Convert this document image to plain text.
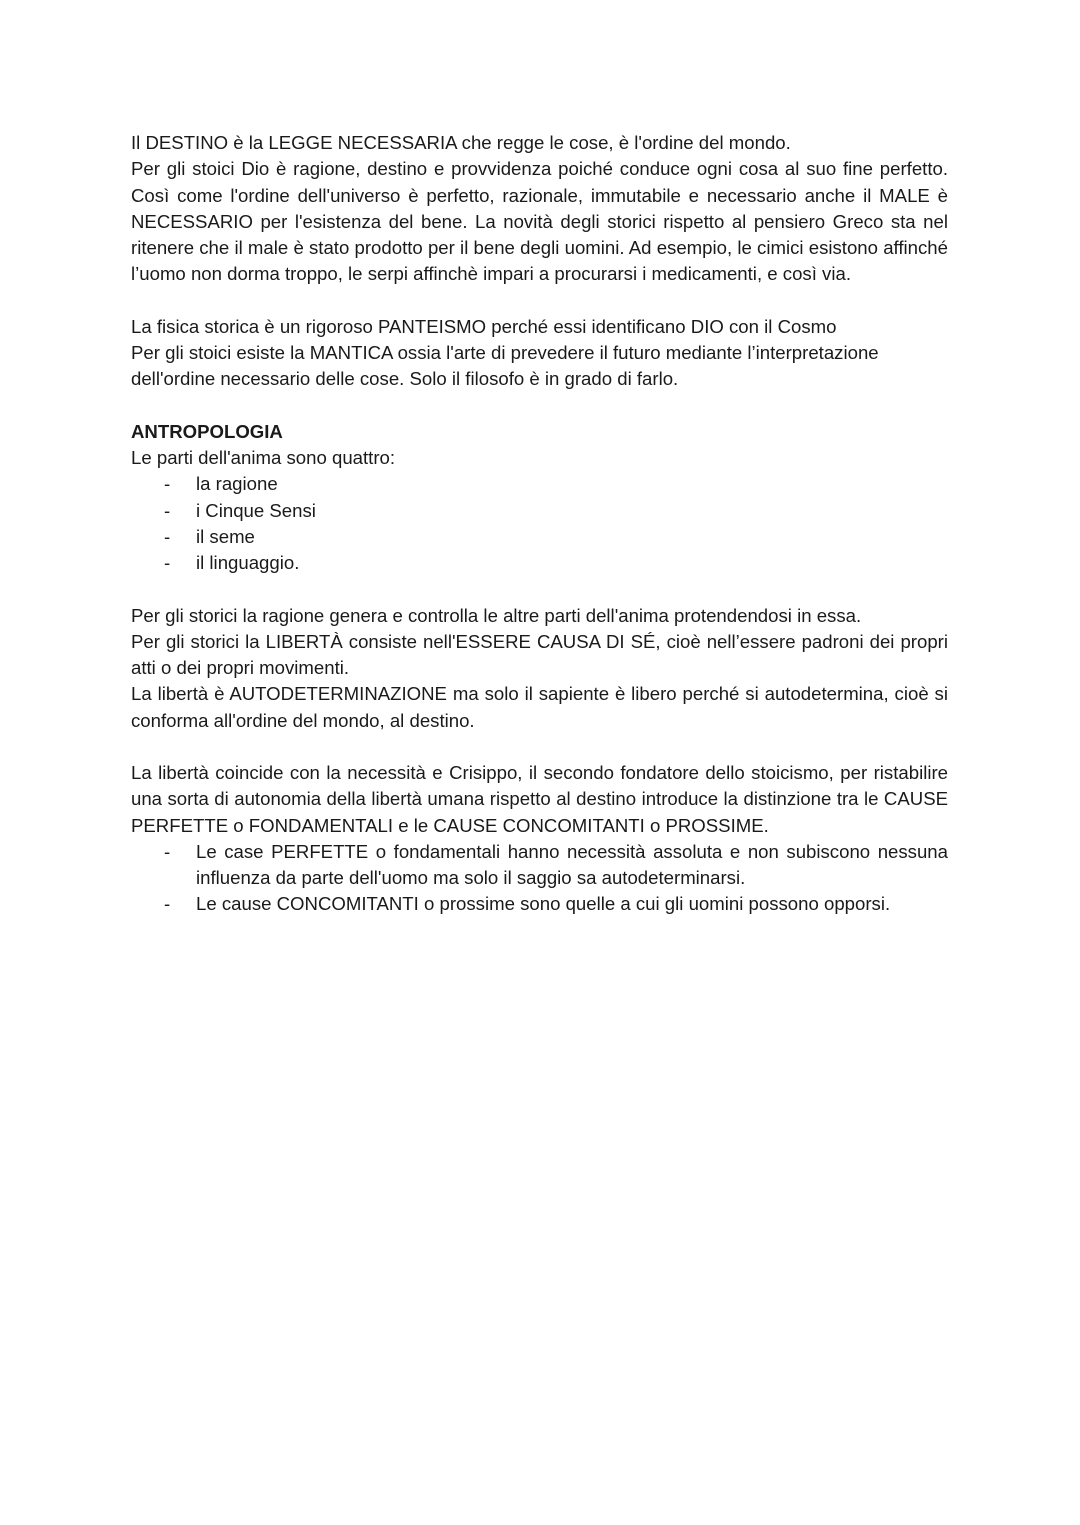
Il DESTINO è la LEGGE NECESSARIA che regge le cose, è l'ordine del mondo.

Per gli stoici Dio è ragione, destino e provvidenza poiché conduce ogni cosa al suo fine perfetto. Così come l'ordine dell'universo è perfetto, razionale, immutabile e necessario anche il MALE è NECESSARIO per l'esistenza del bene. La novità degli storici rispetto al pensiero Greco sta nel ritenere che il male è stato prodotto per il bene degli uomini. Ad esempio, le cimici esistono affinché l’uomo non dorma troppo, le serpi affinchè impari a procurarsi i medicamenti, e così via.

La fisica storica è un rigoroso PANTEISMO perché essi identificano DIO con il Cosmo

Per gli stoici esiste la MANTICA ossia l'arte di prevedere il futuro mediante l’interpretazione dell'ordine necessario delle cose. Solo il filosofo è in grado di farlo.

ANTROPOLOGIA

Le parti dell'anima sono quattro:

- la ragione
- i Cinque Sensi
- il seme
- il linguaggio.

Per gli storici la ragione genera e controlla le altre parti dell'anima protendendosi in essa.

Per gli storici la LIBERTÀ consiste nell'ESSERE CAUSA DI SÉ, cioè nell’essere padroni dei propri atti o dei propri movimenti.

La libertà è AUTODETERMINAZIONE ma solo il sapiente è libero perché si autodetermina, cioè si conforma all'ordine del mondo, al destino.

La libertà coincide con la necessità e Crisippo, il secondo fondatore dello stoicismo, per ristabilire una sorta di autonomia della libertà umana rispetto al destino introduce la distinzione tra le CAUSE PERFETTE o FONDAMENTALI e le CAUSE CONCOMITANTI o PROSSIME.

- Le case PERFETTE o fondamentali hanno necessità assoluta e non subiscono nessuna influenza da parte dell'uomo ma solo il saggio sa autodeterminarsi.
- Le cause CONCOMITANTI o prossime sono quelle a cui gli uomini possono opporsi.
